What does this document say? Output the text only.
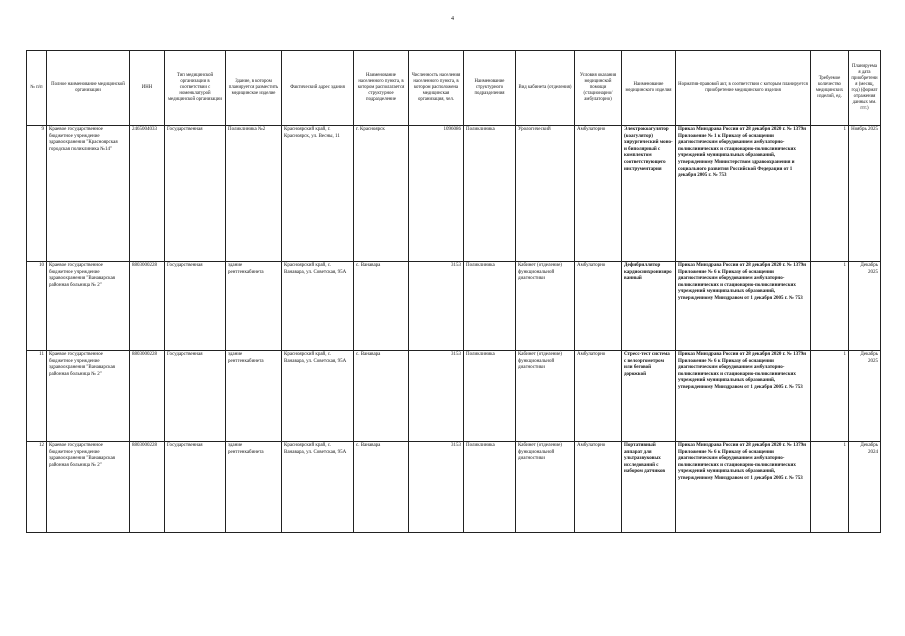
4
№ п/п	Полное наименование медицинской организации	ИНН	Тип медицинской организации в соответствии с номенклатурой медицинской организации	Здание, в котором планируется разместить медицинское изделие	Фактический адрес здания	Наименование населенного пункта, в котором располагается структурное подразделение	Численность населения населенного пункта, в котором расположена медицинская организация, чел.	Наименование структурного подразделения	Вид кабинета (отделения)	Условия оказания медицинской помощи (стационарно/амбулаторно)	Наименование медицинского изделия	Норматив-правовой акт, в соответствии с которым планируется приобретение медицинского изделия	Требуемое количество медицинских изделий, ед.	Планируемая дата приобретения (месяц, год) (формат отражения данных мм. ггг.)
9	Краевое государственное бюджетное учреждение здравоохранения "Красноярская городская поликлиника №14"	2465004033	Государственная	Поликлиника №2	Красноярский край, г. Красноярск, ул. Весны, 11	г. Красноярск	1096086	Поликлиника	Урологический	Амбулаторно	Электрокоагулятор (коагулятор) хирургический моно- и биполярный с комплектом соответствующего инструментария	Приказ Минздрава России от 28 декабря 2020 г. № 1379н Приложение № 1 к Приказу об оснащении диагностическим оборудованием амбулаторно-поликлинических и стационарно-поликлинических учреждений муниципальных образований, утвержденному Министерством здравоохранения и социального развития Российской Федерации от 1 декабря 2005 г. № 753	1	Ноябрь 2025
10	Краевое государственное бюджетное учреждение здравоохранения "Ванаварская районная больница № 2"	8803000228	Государственная	здание рентгенкабинета	Красноярский край, с. Ванавара, ул. Советская, 95А	с. Ванавара	3153	Поликлиника	Кабинет (отделение) функциональной диагностики	Амбулаторно	Дефибриллятор кардиосинхронизированный	Приказ Минздрава России от 28 декабря 2020 г. № 1379н Приложение № 6 к Приказу об оснащении диагностическим оборудованием амбулаторно-поликлинических и стационарно-поликлинических учреждений муниципальных образований, утвержденному Минздравом от 1 декабря 2005 г. № 753	1	Декабрь 2025
11	Краевое государственное бюджетное учреждение здравоохранения "Ванаварская районная больница № 2"	8803000228	Государственная	здание рентгенкабинета	Красноярский край, с. Ванавара, ул. Советская, 95А	с. Ванавара	3153	Поликлиника	Кабинет (отделение) функциональной диагностики	Амбулаторно	Стресс-тест система с велоэргометром или беговой дорожкой	Приказ Минздрава России от 28 декабря 2020 г. № 1379н Приложение № 6 к Приказу об оснащении диагностическим оборудованием амбулаторно-поликлинических и стационарно-поликлинических учреждений муниципальных образований, утвержденному Минздравом от 1 декабря 2005 г. № 753	1	Декабрь 2025
12	Краевое государственное бюджетное учреждение здравоохранения "Ванаварская районная больница № 2"	8803000228	Государственная	здание рентгенкабинета	Красноярский край, с. Ванавара, ул. Советская, 95А	с. Ванавара	3153	Поликлиника	Кабинет (отделение) функциональной диагностики	Амбулаторно	Портативный аппарат для ультразвуковых исследований с набором датчиков	Приказ Минздрава России от 28 декабря 2020 г. № 1379н Приложение № 6 к Приказу об оснащении диагностическим оборудованием амбулаторно-поликлинических и стационарно-поликлинических учреждений муниципальных образований, утвержденному Минздравом от 1 декабря 2005 г. № 753	1	Декабрь 2024
